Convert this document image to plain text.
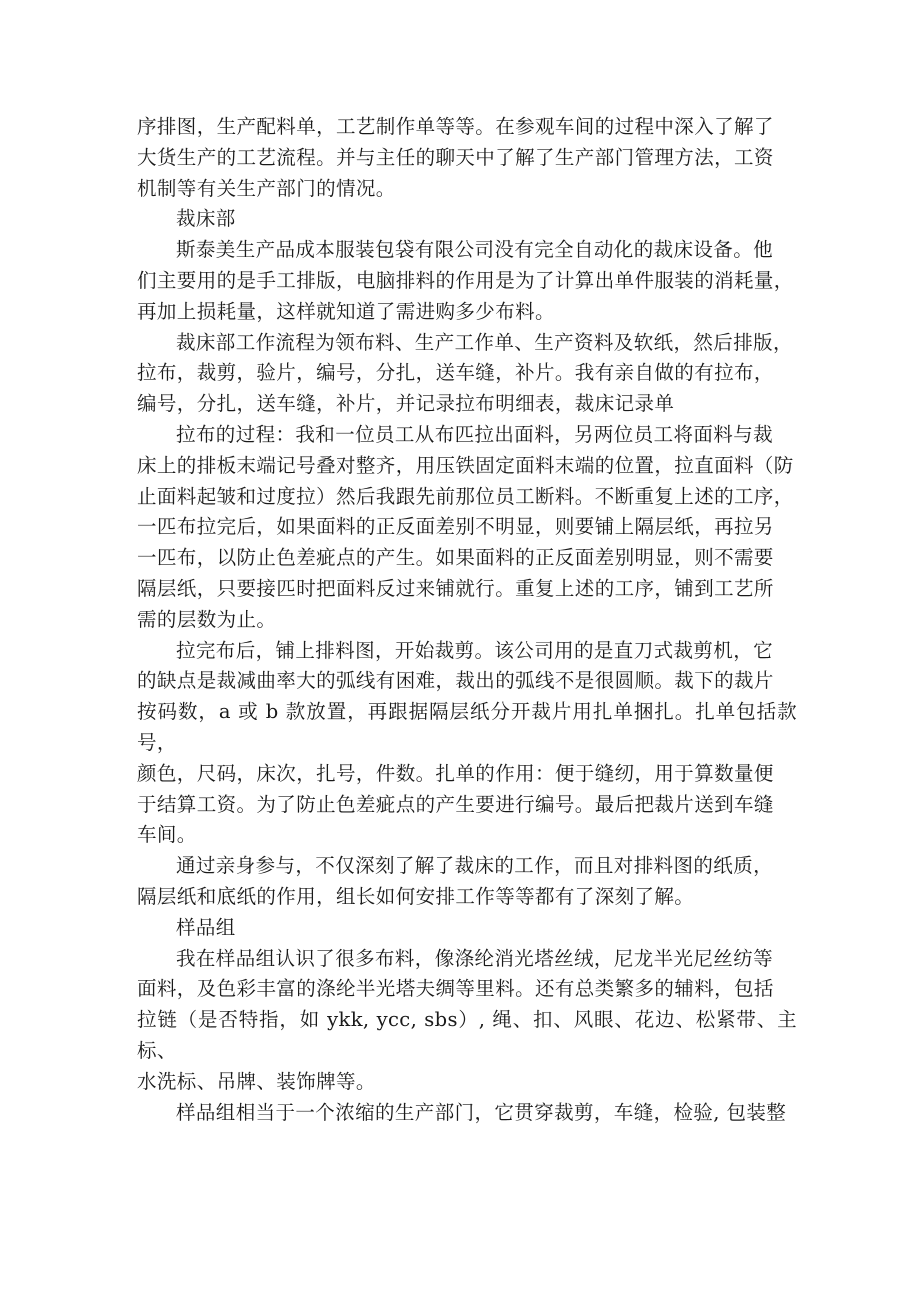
序排图，生产配料单，工艺制作单等等。在参观车间的过程中深入了解了
大货生产的工艺流程。并与主任的聊天中了解了生产部门管理方法，工资
机制等有关生产部门的情况。

裁床部

斯泰美生产品成本服装包袋有限公司没有完全自动化的裁床设备。他
们主要用的是手工排版，电脑排料的作用是为了计算出单件服装的消耗量，
再加上损耗量，这样就知道了需进购多少布料。

裁床部工作流程为领布料、生产工作单、生产资料及软纸，然后排版，
拉布，裁剪，验片，编号，分扎，送车缝，补片。我有亲自做的有拉布，
编号，分扎，送车缝，补片，并记录拉布明细表，裁床记录单

拉布的过程：我和一位员工从布匹拉出面料，另两位员工将面料与裁
床上的排板末端记号叠对整齐，用压铁固定面料末端的位置，拉直面料（防
止面料起皱和过度拉）然后我跟先前那位员工断料。不断重复上述的工序，
一匹布拉完后，如果面料的正反面差别不明显，则要铺上隔层纸，再拉另
一匹布，以防止色差疵点的产生。如果面料的正反面差别明显，则不需要
隔层纸，只要接匹时把面料反过来铺就行。重复上述的工序，铺到工艺所
需的层数为止。

拉完布后，铺上排料图，开始裁剪。该公司用的是直刀式裁剪机，它
的缺点是裁减曲率大的弧线有困难，裁出的弧线不是很圆顺。裁下的裁片
按码数，a 或 b 款放置，再跟据隔层纸分开裁片用扎单捆扎。扎单包括款号，
颜色，尺码，床次，扎号，件数。扎单的作用：便于缝纫，用于算数量便
于结算工资。为了防止色差疵点的产生要进行编号。最后把裁片送到车缝
车间。

通过亲身参与，不仅深刻了解了裁床的工作，而且对排料图的纸质，
隔层纸和底纸的作用，组长如何安排工作等等都有了深刻了解。

样品组

我在样品组认识了很多布料，像涤纶消光塔丝绒，尼龙半光尼丝纺等
面料，及色彩丰富的涤纶半光塔夫绸等里料。还有总类繁多的辅料，包括
拉链（是否特指，如 ykk, ycc, sbs）, 绳、扣、风眼、花边、松紧带、主标、
水洗标、吊牌、装饰牌等。

样品组相当于一个浓缩的生产部门，它贯穿裁剪，车缝，检验, 包装整
